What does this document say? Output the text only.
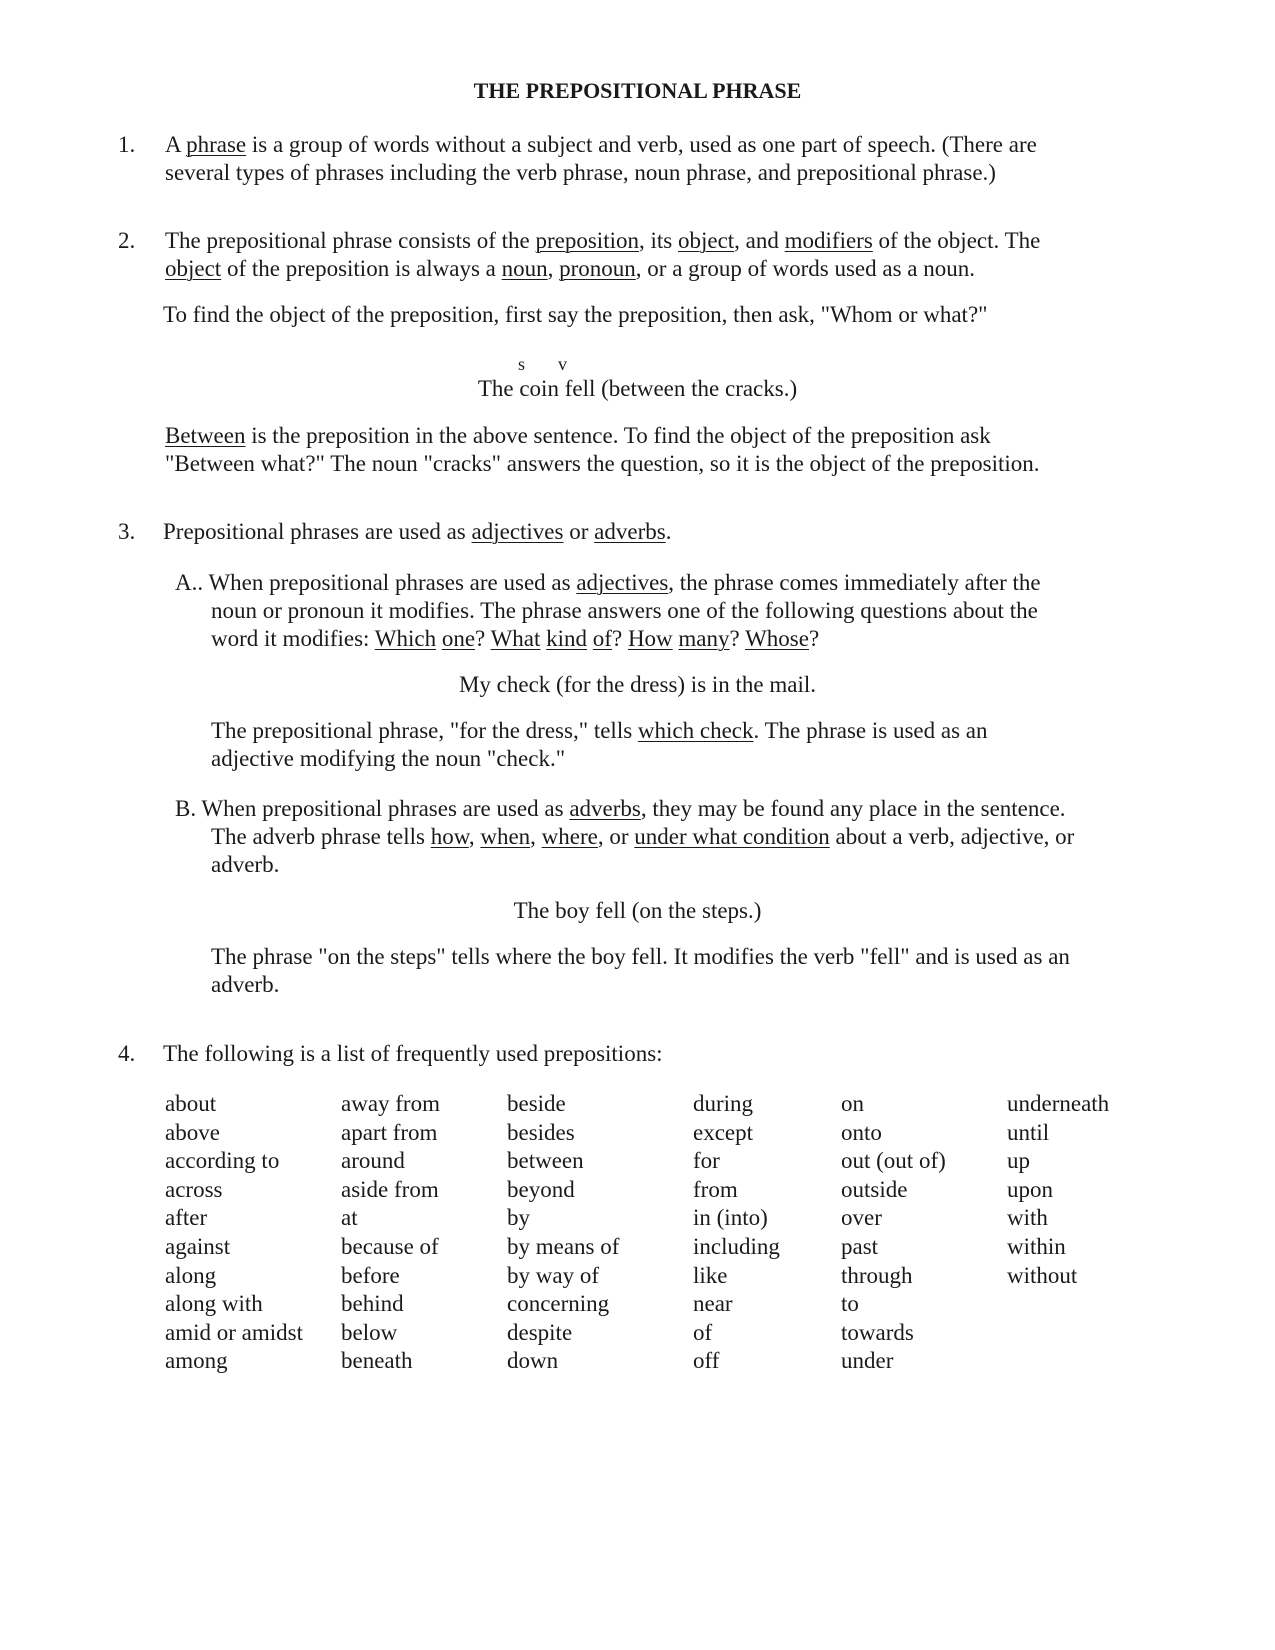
THE PREPOSITIONAL PHRASE
1. A phrase is a group of words without a subject and verb, used as one part of speech. (There are
several types of phrases including the verb phrase, noun phrase, and prepositional phrase.)
2. The prepositional phrase consists of the preposition, its object, and modifiers of the object. The
object of the preposition is always a noun, pronoun, or a group of words used as a noun.
To find the object of the preposition, first say the preposition, then ask, "Whom or what?"
s v
The coin fell (between the cracks.)
Between is the preposition in the above sentence. To find the object of the preposition ask
"Between what?" The noun "cracks" answers the question, so it is the object of the preposition.
3. Prepositional phrases are used as adjectives or adverbs.
A.. When prepositional phrases are used as adjectives, the phrase comes immediately after the
noun or pronoun it modifies. The phrase answers one of the following questions about the
word it modifies: Which one? What kind of? How many? Whose?
My check (for the dress) is in the mail.
The prepositional phrase, "for the dress," tells which check. The phrase is used as an
adjective modifying the noun "check."
B. When prepositional phrases are used as adverbs, they may be found any place in the sentence.
The adverb phrase tells how, when, where, or under what condition about a verb, adjective, or
adverb.
The boy fell (on the steps.)
The phrase "on the steps" tells where the boy fell. It modifies the verb "fell" and is used as an
adverb.
4. The following is a list of frequently used prepositions:
about
above
according to
across
after
against
along
along with
amid or amidst
among
away from
apart from
around
aside from
at
because of
before
behind
below
beneath
beside
besides
between
beyond
by
by means of
by way of
concerning
despite
down
during
except
for
from
in (into)
including
like
near
of
off
on
onto
out (out of)
outside
over
past
through
to
towards
under
underneath
until
up
upon
with
within
without
